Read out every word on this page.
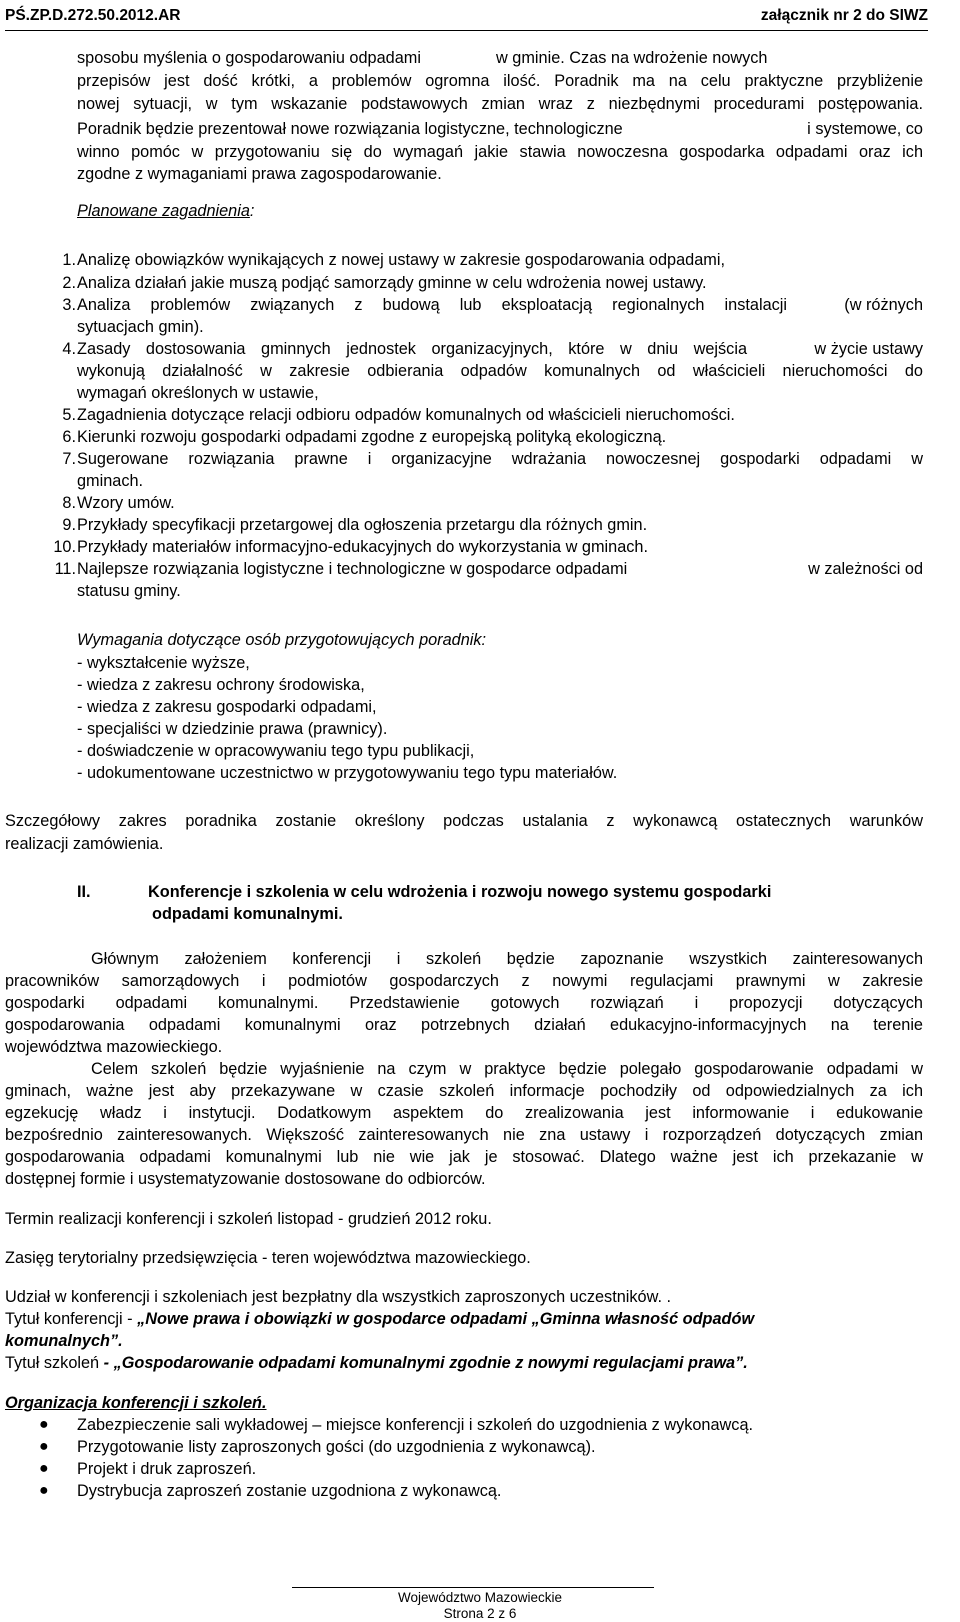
PŚ.ZP.D.272.50.2012.AR	załącznik nr 2 do SIWZ
sposobu myślenia o gospodarowaniu odpadami	w gminie. Czas na wdrożenie nowych
przepisów jest dość krótki, a problemów ogromna ilość. Poradnik ma na celu praktyczne przybliżenie
nowej sytuacji, w tym wskazanie podstawowych zmian wraz z niezbędnymi procedurami postępowania.
Poradnik będzie prezentował nowe rozwiązania logistyczne, technologiczne	i systemowe, co
winno pomóc w przygotowaniu się do wymagań jakie stawia nowoczesna gospodarka odpadami oraz ich
zgodne z wymaganiami prawa zagospodarowanie.
Planowane zagadnienia:
1. Analizę obowiązków wynikających z nowej ustawy w zakresie gospodarowania odpadami,
2. Analiza działań jakie muszą podjąć samorządy gminne w celu wdrożenia nowej ustawy.
3. Analiza problemów związanych z budową lub eksploatacją regionalnych instalacji	(w różnych
sytuacjach gmin).
4. Zasady dostosowania gminnych jednostek organizacyjnych, które w dniu wejścia	w życie ustawy
wykonują działalność w zakresie odbierania odpadów komunalnych od właścicieli nieruchomości do
wymagań określonych w ustawie,
5. Zagadnienia dotyczące relacji odbioru odpadów komunalnych od właścicieli nieruchomości.
6. Kierunki rozwoju gospodarki odpadami zgodne z europejską polityką ekologiczną.
7. Sugerowane rozwiązania prawne i organizacyjne wdrażania nowoczesnej gospodarki odpadami w
gminach.
8. Wzory umów.
9. Przykłady specyfikacji przetargowej dla ogłoszenia przetargu dla różnych gmin.
10. Przykłady materiałów informacyjno-edukacyjnych do wykorzystania w gminach.
11. Najlepsze rozwiązania logistyczne i technologiczne w gospodarce odpadami	w zależności od
statusu gminy.
Wymagania dotyczące osób przygotowujących poradnik:
- wykształcenie wyższe,
- wiedza z zakresu ochrony środowiska,
- wiedza z zakresu gospodarki odpadami,
- specjaliści w dziedzinie prawa (prawnicy).
- doświadczenie w opracowywaniu tego typu publikacji,
- udokumentowane uczestnictwo w przygotowywaniu tego typu materiałów.
Szczegółowy zakres poradnika zostanie określony podczas ustalania z wykonawcą ostatecznych warunków
realizacji zamówienia.
II.	Konferencje i szkolenia w celu wdrożenia i rozwoju nowego systemu gospodarki
odpadami komunalnymi.
Głównym założeniem konferencji i szkoleń będzie zapoznanie wszystkich zainteresowanych
pracowników samorządowych i podmiotów gospodarczych z nowymi regulacjami prawnymi w zakresie
gospodarki odpadami komunalnymi. Przedstawienie gotowych rozwiązań i propozycji dotyczących
gospodarowania odpadami komunalnymi oraz potrzebnych działań edukacyjno-informacyjnych na terenie
województwa mazowieckiego.
Celem szkoleń będzie wyjaśnienie na czym w praktyce będzie polegało gospodarowanie odpadami w
gminach, ważne jest aby przekazywane w czasie szkoleń informacje pochodziły od odpowiedzialnych za ich
egzekucję władz i instytucji. Dodatkowym aspektem do zrealizowania jest informowanie i edukowanie
bezpośrednio zainteresowanych. Większość zainteresowanych nie zna ustawy i rozporządzeń dotyczących zmian
gospodarowania odpadami komunalnymi lub nie wie jak je stosować. Dlatego ważne jest ich przekazanie w
dostępnej formie i usystematyzowanie dostosowane do odbiorców.
Termin realizacji konferencji i szkoleń listopad - grudzień 2012 roku.
Zasięg terytorialny przedsięwzięcia - teren województwa mazowieckiego.
Udział w konferencji i szkoleniach jest bezpłatny dla wszystkich zaproszonych uczestników. .
Tytuł konferencji - „Nowe prawa i obowiązki w gospodarce odpadami „Gminna własność odpadów
komunalnych”.
Tytuł szkoleń - „Gospodarowanie odpadami komunalnymi zgodnie z nowymi regulacjami prawa”.
Organizacja konferencji i szkoleń.
● Zabezpieczenie sali wykładowej – miejsce konferencji i szkoleń do uzgodnienia z wykonawcą.
● Przygotowanie listy zaproszonych gości (do uzgodnienia z wykonawcą).
● Projekt i druk zaproszeń.
● Dystrybucja zaproszeń zostanie uzgodniona z wykonawcą.
Województwo Mazowieckie
Strona 2 z 6
